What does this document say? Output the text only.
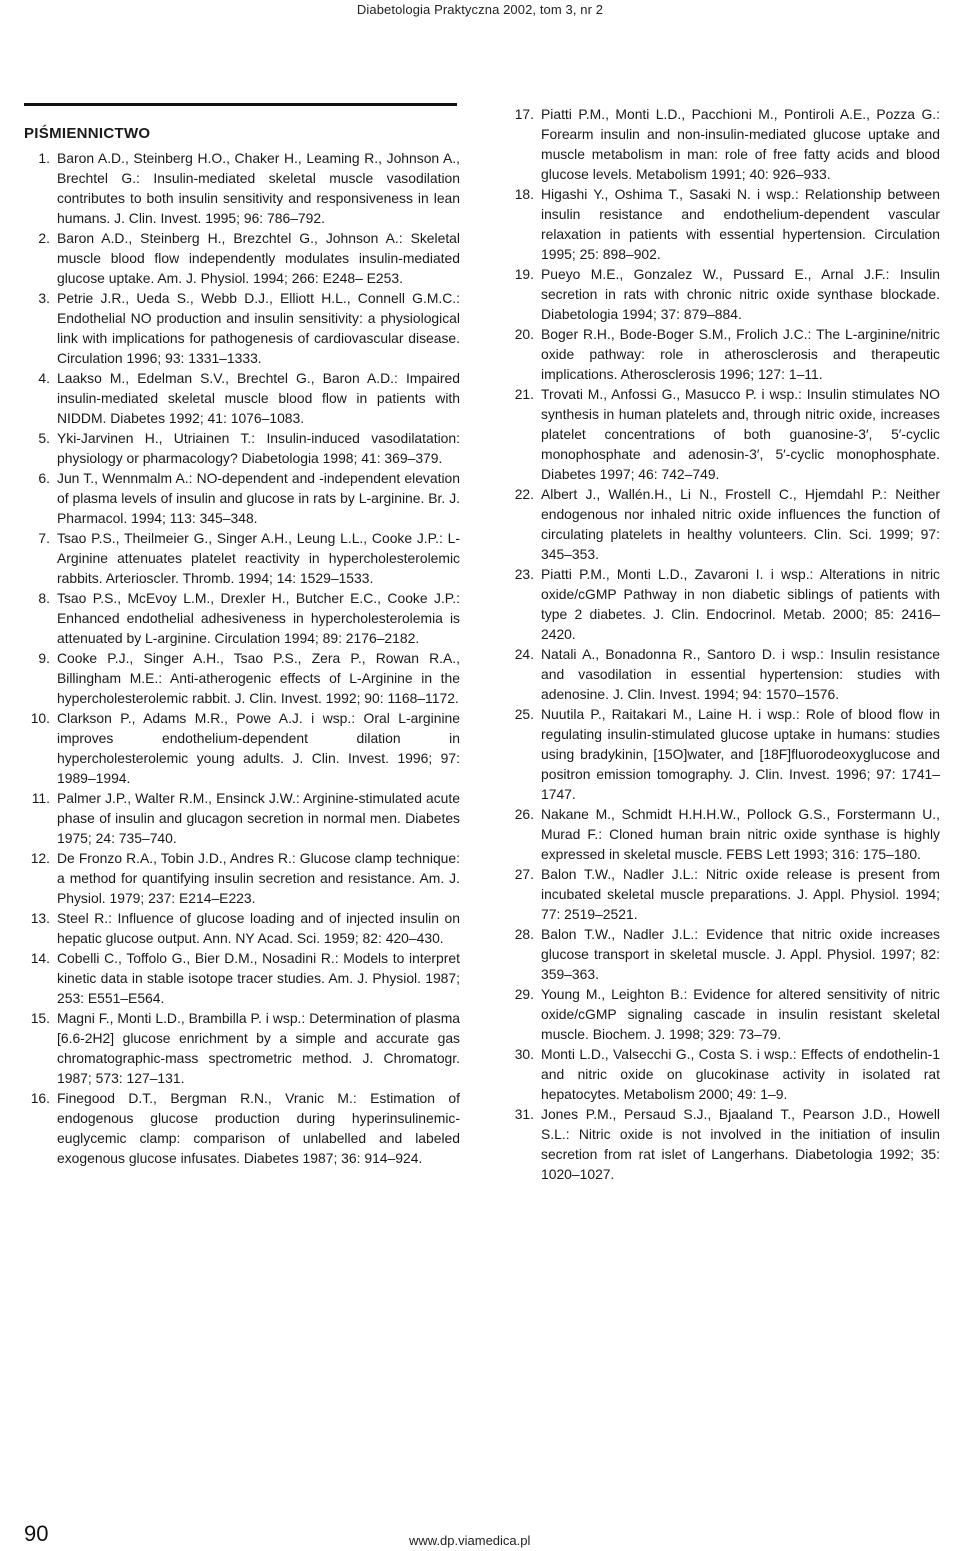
Diabetologia Praktyczna 2002, tom 3, nr 2
PIŚMIENNICTWO
1. Baron A.D., Steinberg H.O., Chaker H., Leaming R., Johnson A., Brechtel G.: Insulin-mediated skeletal muscle vasodilation contributes to both insulin sensitivity and responsiveness in lean humans. J. Clin. Invest. 1995; 96: 786–792.
2. Baron A.D., Steinberg H., Brezchtel G., Johnson A.: Skeletal muscle blood flow independently modulates insulin-mediated glucose uptake. Am. J. Physiol. 1994; 266: E248– E253.
3. Petrie J.R., Ueda S., Webb D.J., Elliott H.L., Connell G.M.C.: Endothelial NO production and insulin sensitivity: a physiological link with implications for pathogenesis of cardiovascular disease. Circulation 1996; 93: 1331–1333.
4. Laakso M., Edelman S.V., Brechtel G., Baron A.D.: Impaired insulin-mediated skeletal muscle blood flow in patients with NIDDM. Diabetes 1992; 41: 1076–1083.
5. Yki-Jarvinen H., Utriainen T.: Insulin-induced vasodilatation: physiology or pharmacology? Diabetologia 1998; 41: 369–379.
6. Jun T., Wennmalm A.: NO-dependent and -independent elevation of plasma levels of insulin and glucose in rats by L-arginine. Br. J. Pharmacol. 1994; 113: 345–348.
7. Tsao P.S., Theilmeier G., Singer A.H., Leung L.L., Cooke J.P.: L-Arginine attenuates platelet reactivity in hypercholesterolemic rabbits. Arterioscler. Thromb. 1994; 14: 1529–1533.
8. Tsao P.S., McEvoy L.M., Drexler H., Butcher E.C., Cooke J.P.: Enhanced endothelial adhesiveness in hypercholesterolemia is attenuated by L-arginine. Circulation 1994; 89: 2176–2182.
9. Cooke P.J., Singer A.H., Tsao P.S., Zera P., Rowan R.A., Billingham M.E.: Anti-atherogenic effects of L-Arginine in the hypercholesterolemic rabbit. J. Clin. Invest. 1992; 90: 1168–1172.
10. Clarkson P., Adams M.R., Powe A.J. i wsp.: Oral L-arginine improves endothelium-dependent dilation in hypercholesterolemic young adults. J. Clin. Invest. 1996; 97: 1989–1994.
11. Palmer J.P., Walter R.M., Ensinck J.W.: Arginine-stimulated acute phase of insulin and glucagon secretion in normal men. Diabetes 1975; 24: 735–740.
12. De Fronzo R.A., Tobin J.D., Andres R.: Glucose clamp technique: a method for quantifying insulin secretion and resistance. Am. J. Physiol. 1979; 237: E214–E223.
13. Steel R.: Influence of glucose loading and of injected insulin on hepatic glucose output. Ann. NY Acad. Sci. 1959; 82: 420–430.
14. Cobelli C., Toffolo G., Bier D.M., Nosadini R.: Models to interpret kinetic data in stable isotope tracer studies. Am. J. Physiol. 1987; 253: E551–E564.
15. Magni F., Monti L.D., Brambilla P. i wsp.: Determination of plasma [6.6-2H2] glucose enrichment by a simple and accurate gas chromatographic-mass spectrometric method. J. Chromatogr. 1987; 573: 127–131.
16. Finegood D.T., Bergman R.N., Vranic M.: Estimation of endogenous glucose production during hyperinsulinemic-euglycemic clamp: comparison of unlabelled and labeled exogenous glucose infusates. Diabetes 1987; 36: 914–924.
17. Piatti P.M., Monti L.D., Pacchioni M., Pontiroli A.E., Pozza G.: Forearm insulin and non-insulin-mediated glucose uptake and muscle metabolism in man: role of free fatty acids and blood glucose levels. Metabolism 1991; 40: 926–933.
18. Higashi Y., Oshima T., Sasaki N. i wsp.: Relationship between insulin resistance and endothelium-dependent vascular relaxation in patients with essential hypertension. Circulation 1995; 25: 898–902.
19. Pueyo M.E., Gonzalez W., Pussard E., Arnal J.F.: Insulin secretion in rats with chronic nitric oxide synthase blockade. Diabetologia 1994; 37: 879–884.
20. Boger R.H., Bode-Boger S.M., Frolich J.C.: The L-arginine/nitric oxide pathway: role in atherosclerosis and therapeutic implications. Atherosclerosis 1996; 127: 1–11.
21. Trovati M., Anfossi G., Masucco P. i wsp.: Insulin stimulates NO synthesis in human platelets and, through nitric oxide, increases platelet concentrations of both guanosine-3′, 5′-cyclic monophosphate and adenosin-3′, 5′-cyclic monophosphate. Diabetes 1997; 46: 742–749.
22. Albert J., Wallén.H., Li N., Frostell C., Hjemdahl P.: Neither endogenous nor inhaled nitric oxide influences the function of circulating platelets in healthy volunteers. Clin. Sci. 1999; 97: 345–353.
23. Piatti P.M., Monti L.D., Zavaroni I. i wsp.: Alterations in nitric oxide/cGMP Pathway in non diabetic siblings of patients with type 2 diabetes. J. Clin. Endocrinol. Metab. 2000; 85: 2416–2420.
24. Natali A., Bonadonna R., Santoro D. i wsp.: Insulin resistance and vasodilation in essential hypertension: studies with adenosine. J. Clin. Invest. 1994; 94: 1570–1576.
25. Nuutila P., Raitakari M., Laine H. i wsp.: Role of blood flow in regulating insulin-stimulated glucose uptake in humans: studies using bradykinin, [15O]water, and [18F]fluorodeoxyglucose and positron emission tomography. J. Clin. Invest. 1996; 97: 1741–1747.
26. Nakane M., Schmidt H.H.H.W., Pollock G.S., Forstermann U., Murad F.: Cloned human brain nitric oxide synthase is highly expressed in skeletal muscle. FEBS Lett 1993; 316: 175–180.
27. Balon T.W., Nadler J.L.: Nitric oxide release is present from incubated skeletal muscle preparations. J. Appl. Physiol. 1994; 77: 2519–2521.
28. Balon T.W., Nadler J.L.: Evidence that nitric oxide increases glucose transport in skeletal muscle. J. Appl. Physiol. 1997; 82: 359–363.
29. Young M., Leighton B.: Evidence for altered sensitivity of nitric oxide/cGMP signaling cascade in insulin resistant skeletal muscle. Biochem. J. 1998; 329: 73–79.
30. Monti L.D., Valsecchi G., Costa S. i wsp.: Effects of endothelin-1 and nitric oxide on glucokinase activity in isolated rat hepatocytes. Metabolism 2000; 49: 1–9.
31. Jones P.M., Persaud S.J., Bjaaland T., Pearson J.D., Howell S.L.: Nitric oxide is not involved in the initiation of insulin secretion from rat islet of Langerhans. Diabetologia 1992; 35: 1020–1027.
90	www.dp.viamedica.pl
